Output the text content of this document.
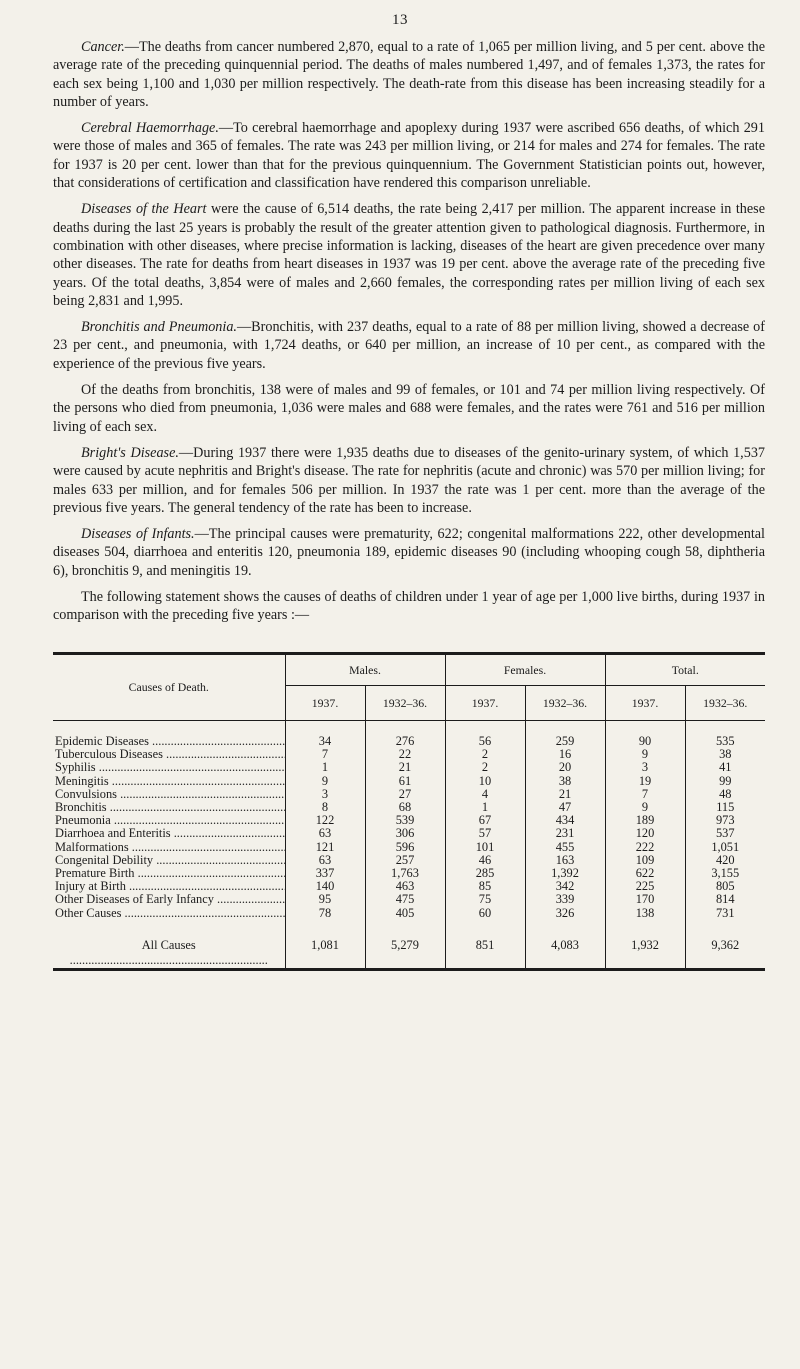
13

Cancer.—The deaths from cancer numbered 2,870, equal to a rate of 1,065 per million living, and 5 per cent. above the average rate of the preceding quinquennial period. The deaths of males numbered 1,497, and of females 1,373, the rates for each sex being 1,100 and 1,030 per million respectively. The death-rate from this disease has been increasing steadily for a number of years.

Cerebral Haemorrhage.—To cerebral haemorrhage and apoplexy during 1937 were ascribed 656 deaths, of which 291 were those of males and 365 of females. The rate was 243 per million living, or 214 for males and 274 for females. The rate for 1937 is 20 per cent. lower than that for the previous quinquennium. The Government Statistician points out, however, that considerations of certification and classification have rendered this comparison unreliable.

Diseases of the Heart were the cause of 6,514 deaths, the rate being 2,417 per million. The apparent increase in these deaths during the last 25 years is probably the result of the greater attention given to pathological diagnosis. Furthermore, in combination with other diseases, where precise information is lacking, diseases of the heart are given precedence over many other diseases. The rate for deaths from heart diseases in 1937 was 19 per cent. above the average rate of the preceding five years. Of the total deaths, 3,854 were of males and 2,660 females, the corresponding rates per million living of each sex being 2,831 and 1,995.

Bronchitis and Pneumonia.—Bronchitis, with 237 deaths, equal to a rate of 88 per million living, showed a decrease of 23 per cent., and pneumonia, with 1,724 deaths, or 640 per million, an increase of 10 per cent., as compared with the experience of the previous five years.

Of the deaths from bronchitis, 138 were of males and 99 of females, or 101 and 74 per million living respectively. Of the persons who died from pneumonia, 1,036 were males and 688 were females, and the rates were 761 and 516 per million living of each sex.

Bright's Disease.—During 1937 there were 1,935 deaths due to diseases of the genito-urinary system, of which 1,537 were caused by acute nephritis and Bright's disease. The rate for nephritis (acute and chronic) was 570 per million living; for males 633 per million, and for females 506 per million. In 1937 the rate was 1 per cent. more than the average of the previous five years. The general tendency of the rate has been to increase.

Diseases of Infants.—The principal causes were prematurity, 622; congenital malformations 222, other developmental diseases 504, diarrhoea and enteritis 120, pneumonia 189, epidemic diseases 90 (including whooping cough 58, diphtheria 6), bronchitis 9, and meningitis 19.

The following statement shows the causes of deaths of children under 1 year of age per 1,000 live births, during 1937 in comparison with the preceding five years :—

Causes of Death.	Males.		Females.		Total.	
	1937.	1932–36.	1937.	1932–36.	1937.	1932–36.

Epidemic Diseases .....	34	276	56	259	90	535
Tuberculous Diseases .....	7	22	2	16	9	38
Syphilis .....	1	21	2	20	3	41
Meningitis .....	9	61	10	38	19	99
Convulsions .....	3	27	4	21	7	48
Bronchitis .....	8	68	1	47	9	115
Pneumonia .....	122	539	67	434	189	973
Diarrhoea and Enteritis .....	63	306	57	231	120	537
Malformations .....	121	596	101	455	222	1,051
Congenital Debility .....	63	257	46	163	109	420
Premature Birth .....	337	1,763	285	1,392	622	3,155
Injury at Birth .....	140	463	85	342	225	805
Other Diseases of Early Infancy .....	95	475	75	339	170	814
Other Causes .....	78	405	60	326	138	731

All Causes .....	1,081	5,279	851	4,083	1,932	9,362
